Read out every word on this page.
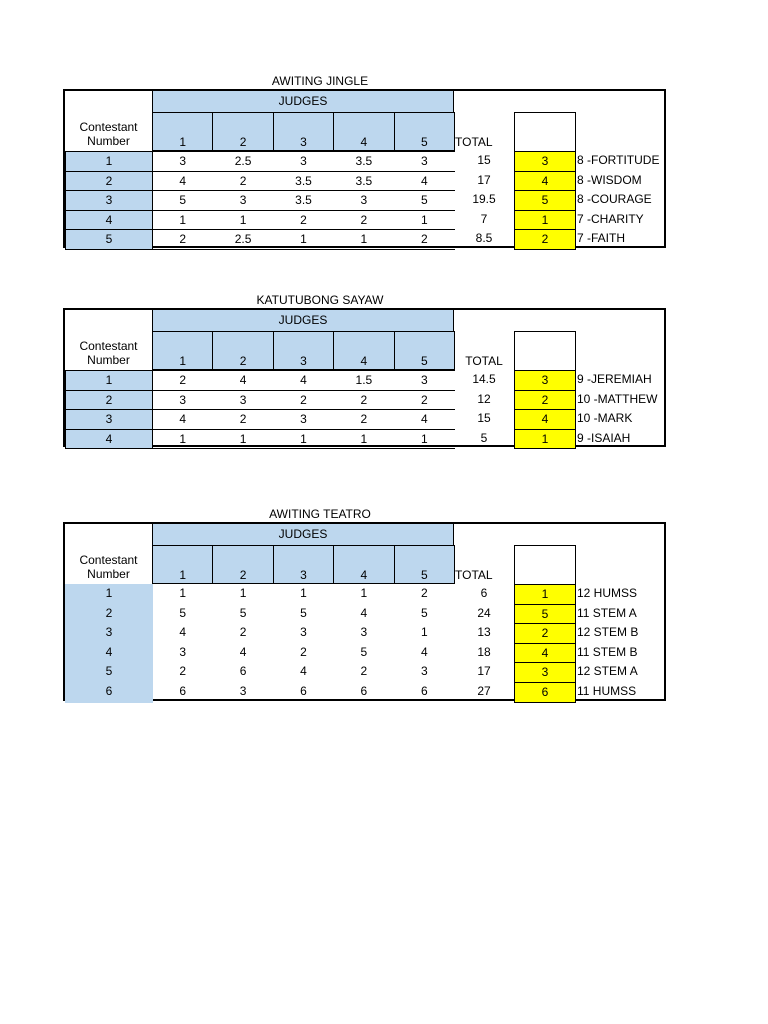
AWITING JINGLE
JUDGES
1	2	3	4	5
Contestant
Number	TOTAL
1	3	2.5	3	3.5	3	15	3	8 -FORTITUDE
2	4	2	3.5	3.5	4	17	4	8 -WISDOM
3	5	3	3.5	3	5	19.5	5	8 -COURAGE
4	1	1	2	2	1	7	1	7 -CHARITY
5	2	2.5	1	1	2	8.5	2	7 -FAITH
KATUTUBONG SAYAW
JUDGES
1	2	3	4	5
Contestant
Number	TOTAL
1	2	4	4	1.5	3	14.5	3	9 -JEREMIAH
2	3	3	2	2	2	12	2	10 -MATTHEW
3	4	2	3	2	4	15	4	10 -MARK
4	1	1	1	1	1	5	1	9 -ISAIAH
AWITING TEATRO
JUDGES
1	2	3	4	5
Contestant
Number	TOTAL
1	1	1	1	1	2	6	1	12 HUMSS
2	5	5	5	4	5	24	5	11 STEM A
3	4	2	3	3	1	13	2	12 STEM B
4	3	4	2	5	4	18	4	11 STEM B
5	2	6	4	2	3	17	3	12 STEM A
6	6	3	6	6	6	27	6	11 HUMSS
